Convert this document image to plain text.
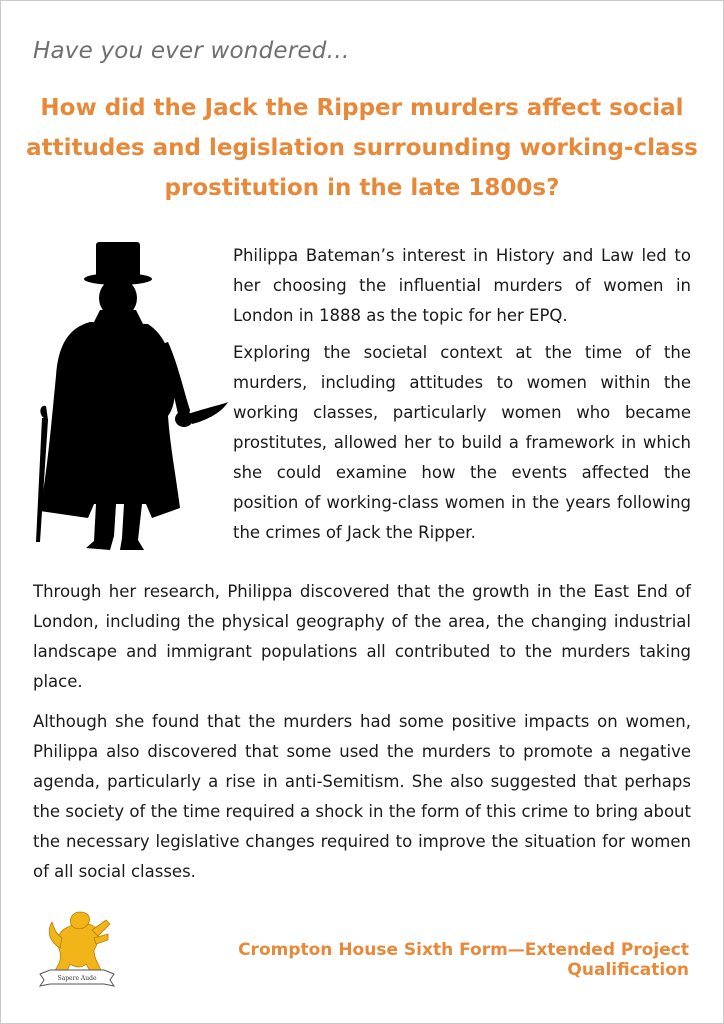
Have you ever wondered…
How did the Jack the Ripper murders affect social attitudes and legislation surrounding working-class prostitution in the late 1800s?

Philippa Bateman’s interest in History and Law led to her choosing the influential murders of women in London in 1888 as the topic for her EPQ.

Exploring the societal context at the time of the murders, including attitudes to women within the working classes, particularly women who became prostitutes, allowed her to build a framework in which she could examine how the events affected the position of working-class women in the years following the crimes of Jack the Ripper.

Through her research, Philippa discovered that the growth in the East End of London, including the physical geography of the area, the changing industrial landscape and immigrant populations all contributed to the murders taking place.

Although she found that the murders had some positive impacts on women, Philippa also discovered that some used the murders to promote a negative agenda, particularly a rise in anti-Semitism. She also suggested that perhaps the society of the time required a shock in the form of this crime to bring about the necessary legislative changes required to improve the situation for women of all social classes.

Sapere Aude

Crompton House Sixth Form—Extended Project Qualification
